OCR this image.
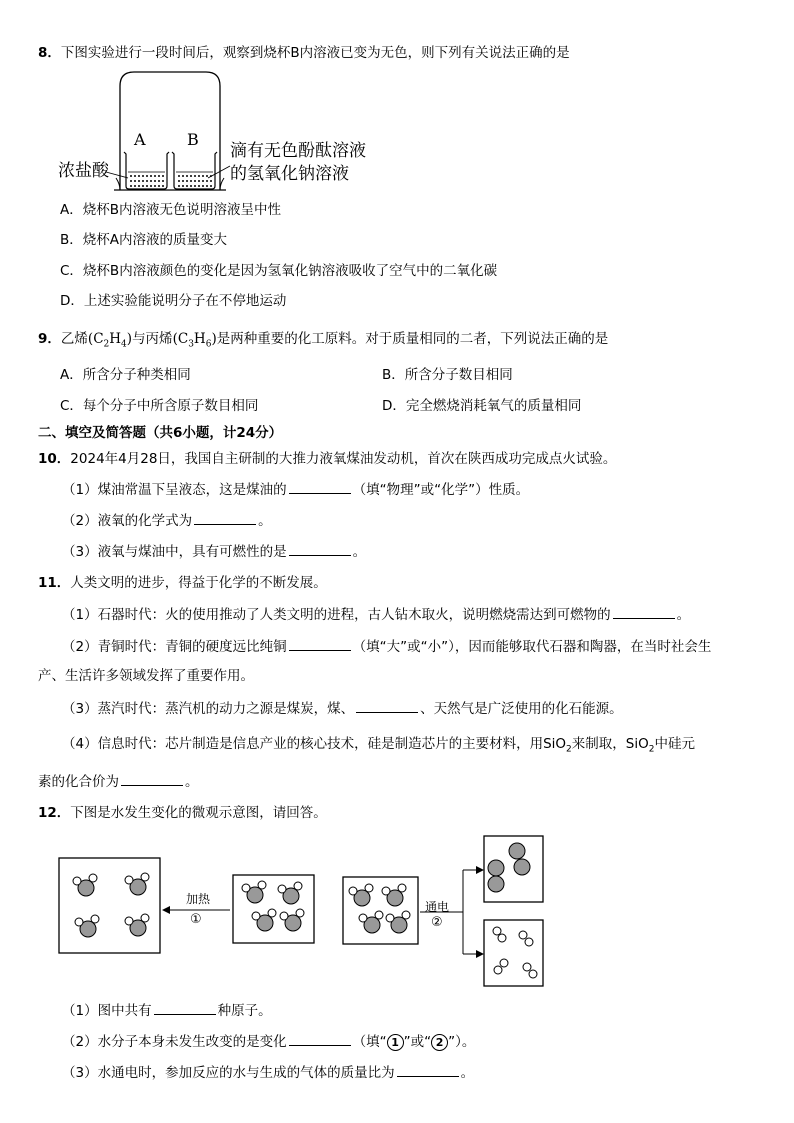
8．下图实验进行一段时间后，观察到烧杯B内溶液已变为无色，则下列有关说法正确的是
A	B
浓盐酸
滴有无色酚酞溶液
的氢氧化钠溶液
A．烧杯B内溶液无色说明溶液呈中性
B．烧杯A内溶液的质量变大
C．烧杯B内溶液颜色的变化是因为氢氧化钠溶液吸收了空气中的二氧化碳
D．上述实验能说明分子在不停地运动
9．乙烯$(C_2H_4)$与丙烯$(C_3H_6)$是两种重要的化工原料。对于质量相同的二者，下列说法正确的是
A．所含分子种类相同	B．所含分子数目相同
C．每个分子中所含原子数目相同	D．完全燃烧消耗氧气的质量相同
二、填空及简答题（共6小题，计24分）
10．2024年4月28日，我国自主研制的大推力液氧煤油发动机，首次在陕西成功完成点火试验。
（1）煤油常温下呈液态，这是煤油的	（填“物理”或“化学”）性质。
（2）液氧的化学式为	。
（3）液氧与煤油中，具有可燃性的是	。
11．人类文明的进步，得益于化学的不断发展。
（1）石器时代：火的使用推动了人类文明的进程，古人钻木取火，说明燃烧需达到可燃物的	。
（2）青铜时代：青铜的硬度远比纯铜	（填“大”或“小”），因而能够取代石器和陶器，在当时社会生
产、生活许多领域发挥了重要作用。
（3）蒸汽时代：蒸汽机的动力之源是煤炭，煤、	、天然气是广泛使用的化石能源。
（4）信息时代：芯片制造是信息产业的核心技术，硅是制造芯片的主要材料，用SiO$_2$来制取，SiO$_2$中硅元
素的化合价为	。
12．下图是水发生变化的微观示意图，请回答。
加热
①
通电
②
（1）图中共有	种原子。
（2）水分子本身未发生改变的是变化	（填“ 1 ”或“ 2 ”）。
（3）水通电时，参加反应的水与生成的气体的质量比为	。
